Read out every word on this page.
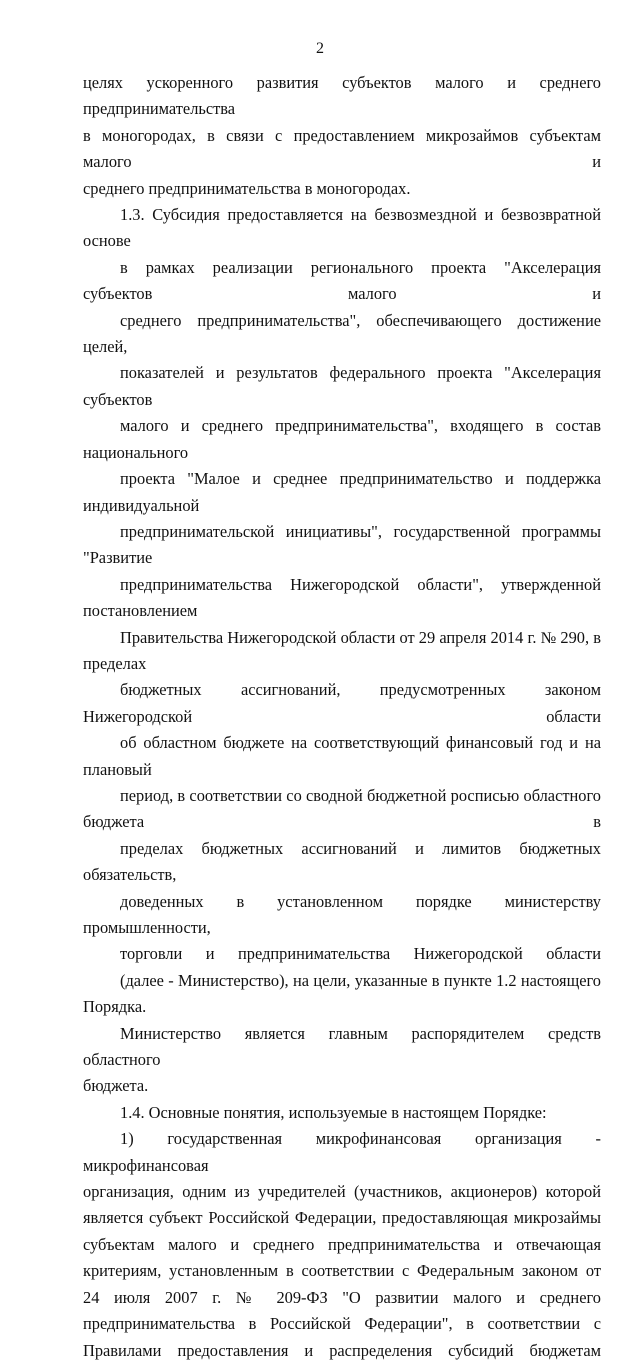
2
целях ускоренного развития субъектов малого и среднего предпринимательства
в моногородах, в связи с предоставлением микрозаймов субъектам малого и
среднего предпринимательства в моногородах.
1.3. Субсидия предоставляется на безвозмездной и безвозвратной основе
в рамках реализации регионального проекта "Акселерация субъектов малого и
среднего предпринимательства", обеспечивающего достижение целей,
показателей и результатов федерального проекта "Акселерация субъектов
малого и среднего предпринимательства", входящего в состав национального
проекта "Малое и среднее предпринимательство и поддержка индивидуальной
предпринимательской инициативы", государственной программы "Развитие
предпринимательства Нижегородской области", утвержденной постановлением
Правительства Нижегородской области от 29 апреля 2014 г. № 290, в пределах
бюджетных ассигнований, предусмотренных законом Нижегородской области
об областном бюджете на соответствующий финансовый год и на плановый
период, в соответствии со сводной бюджетной росписью областного бюджета в
пределах бюджетных ассигнований и лимитов бюджетных обязательств,
доведенных в установленном порядке министерству промышленности,
торговли и предпринимательства Нижегородской области
(далее - Министерство), на цели, указанные в пункте 1.2 настоящего Порядка.
Министерство является главным распорядителем средств областного
бюджета.
1.4. Основные понятия, используемые в настоящем Порядке:
1) государственная микрофинансовая организация - микрофинансовая
организация, одним из учредителей (участников, акционеров) которой
является субъект Российской Федерации, предоставляющая микрозаймы
субъектам малого и среднего предпринимательства и отвечающая
критериям, установленным в соответствии с Федеральным законом от
24 июля 2007 г. № 209-ФЗ "О развитии малого и среднего
предпринимательства в Российской Федерации", в соответствии с
Правилами предоставления и распределения субсидий бюджетам
